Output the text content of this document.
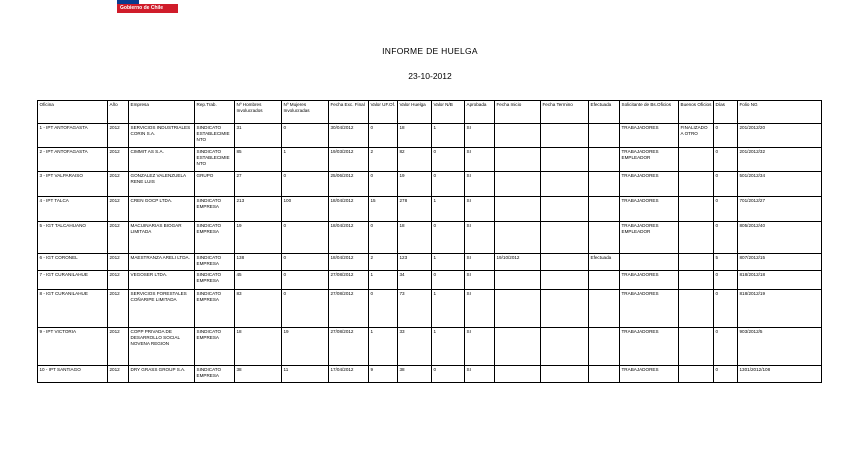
Gobierno de Chile
INFORME DE HUELGA
23-10-2012
Oficina	Año	Empresa	Rep.Trab.	Nº Hombres Involucrados	Nº Mujeres Involucradas	Fecha Exc. Final	Valor UF.Of.	Valor Huelga	Valor N/B	Aprobada	Fecha Inicio	Fecha Termino	Efectuada	Solicitante de Bs.Oficios	Buenos Oficios	Días	Folio NG
1 - IPT ANTOFAGASTA	2012	SERVICIOS INDUSTRIALES CORIN S.A.	SINDICATO ESTABLECIMIENTO	31	0	30/04/2012	0	18	1	SI				TRABAJADORES	FINALIZADO A OTRO	0	201/2012/20
2 - IPT ANTOFAGASTA	2012	CIMMIT AS S.A.	SINDICATO ESTABLECIMIENTO	85	1	19/03/2012	2	82	0	SI				TRABAJADORES EMPLEADOR		0	201/2012/32
3 - IPT VALPARAISO	2012	GONZALEZ VALENZUELA RENE LUIS	GRUPO	27	0	25/06/2012	0	19	0	SI				TRABAJADORES		0	501/2012/34
4 - IPT TALCA	2012	CREN GOCP LTDA.	SINDICATO EMPRESA	213	100	18/04/2012	15	278	1	SI				TRABAJADORES		0	701/2012/27
5 - IGT TALCAHUANO	2012	MACUINARIAS BIOGAR LIMITADA	SINDICATO EMPRESA	19	0	18/04/2012	0	18	0	SI				TRABAJADORES EMPLEADOR		0	805/2012/40
6 - IGT CORONEL	2012	MAESTRANZA ARELI LTDA.	SINDICATO EMPRESA	138	0	18/04/2012	2	123	1	SI	19/10/2012		Efectuada			5	807/2012/15
7 - IGT CURANILAHUE	2012	VEGOSER LTDA.	SINDICATO EMPRESA	45	0	27/08/2012	1	34	0	SI				TRABAJADORES		0	818/2012/18
8 - IGT CURANILAHUE	2012	SERVICIOS FORESTALES COÑARIPE LIMITADA	SINDICATO EMPRESA	83	0	27/08/2012	0	73	1	SI				TRABAJADORES		0	818/2012/19
9 - IPT VICTORIA	2012	COPP PRIVADA DE DESARROLLO SOCIAL NOVENA REGION	SINDICATO EMPRESA	18	19	27/08/2012	1	33	1	SI				TRABAJADORES		0	903/2012/5
10 - IPT SANTIAGO	2012	DRY GRASS GROUP S.A.	SINDICATO EMPRESA	38	11	17/04/2012	9	38	0	SI				TRABAJADORES		0	1301/2012/108
